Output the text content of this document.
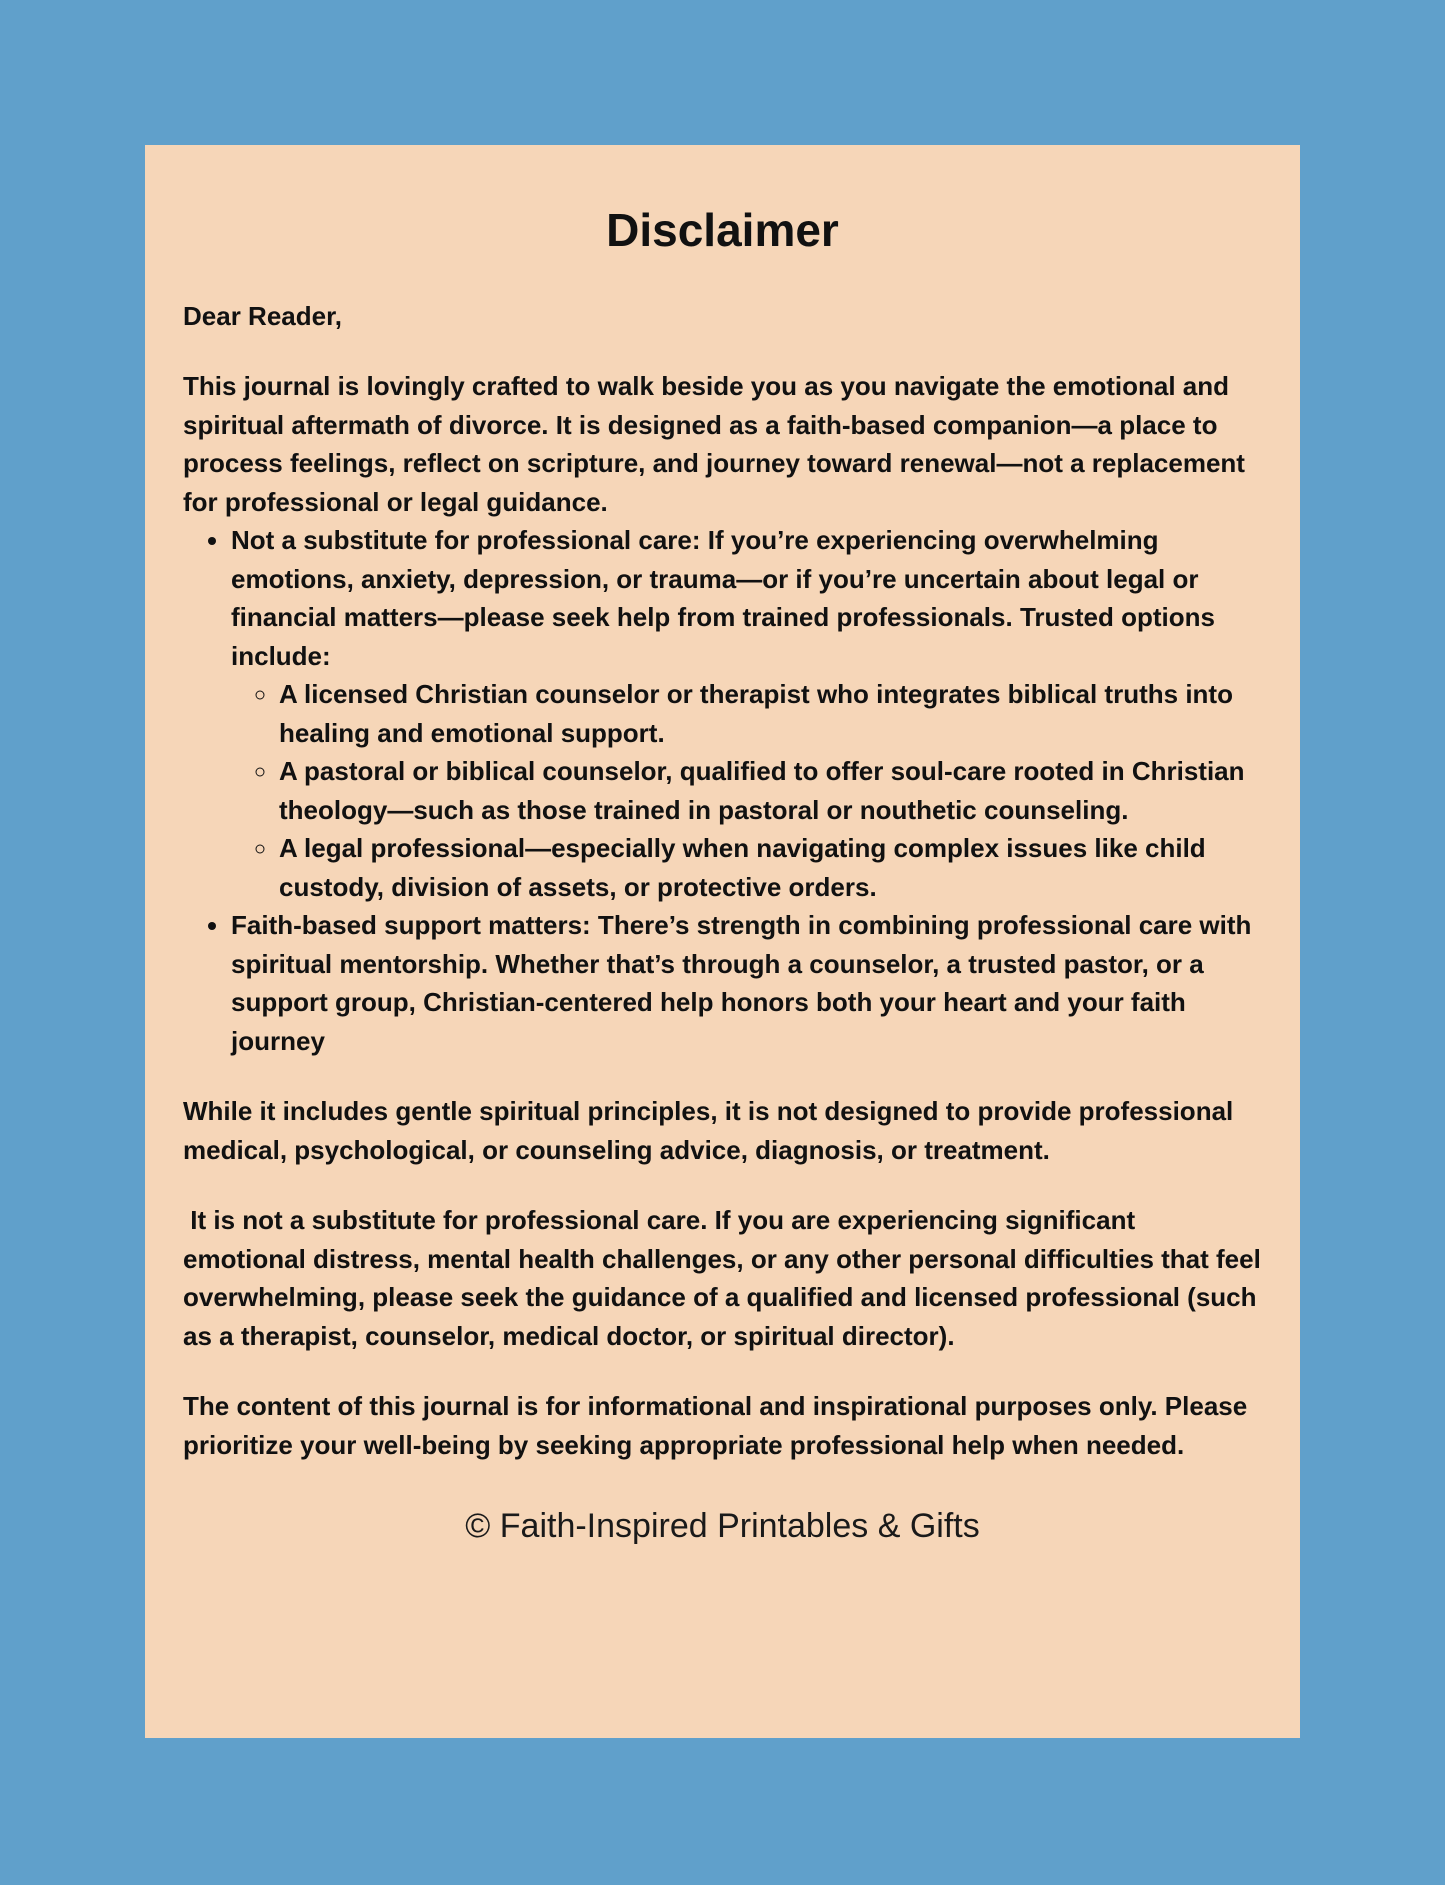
Disclaimer

Dear Reader,

This journal is lovingly crafted to walk beside you as you navigate the emotional and spiritual aftermath of divorce. It is designed as a faith-based companion—a place to process feelings, reflect on scripture, and journey toward renewal—not a replacement for professional or legal guidance.

• Not a substitute for professional care: If you’re experiencing overwhelming emotions, anxiety, depression, or trauma—or if you’re uncertain about legal or financial matters—please seek help from trained professionals. Trusted options include:
◦ A licensed Christian counselor or therapist who integrates biblical truths into healing and emotional support.
◦ A pastoral or biblical counselor, qualified to offer soul-care rooted in Christian theology—such as those trained in pastoral or nouthetic counseling.
◦ A legal professional—especially when navigating complex issues like child custody, division of assets, or protective orders.
• Faith-based support matters: There’s strength in combining professional care with spiritual mentorship. Whether that’s through a counselor, a trusted pastor, or a support group, Christian-centered help honors both your heart and your faith journey

While it includes gentle spiritual principles, it is not designed to provide professional medical, psychological, or counseling advice, diagnosis, or treatment.

It is not a substitute for professional care. If you are experiencing significant emotional distress, mental health challenges, or any other personal difficulties that feel overwhelming, please seek the guidance of a qualified and licensed professional (such as a therapist, counselor, medical doctor, or spiritual director).

The content of this journal is for informational and inspirational purposes only. Please prioritize your well-being by seeking appropriate professional help when needed.

© Faith-Inspired Printables & Gifts
